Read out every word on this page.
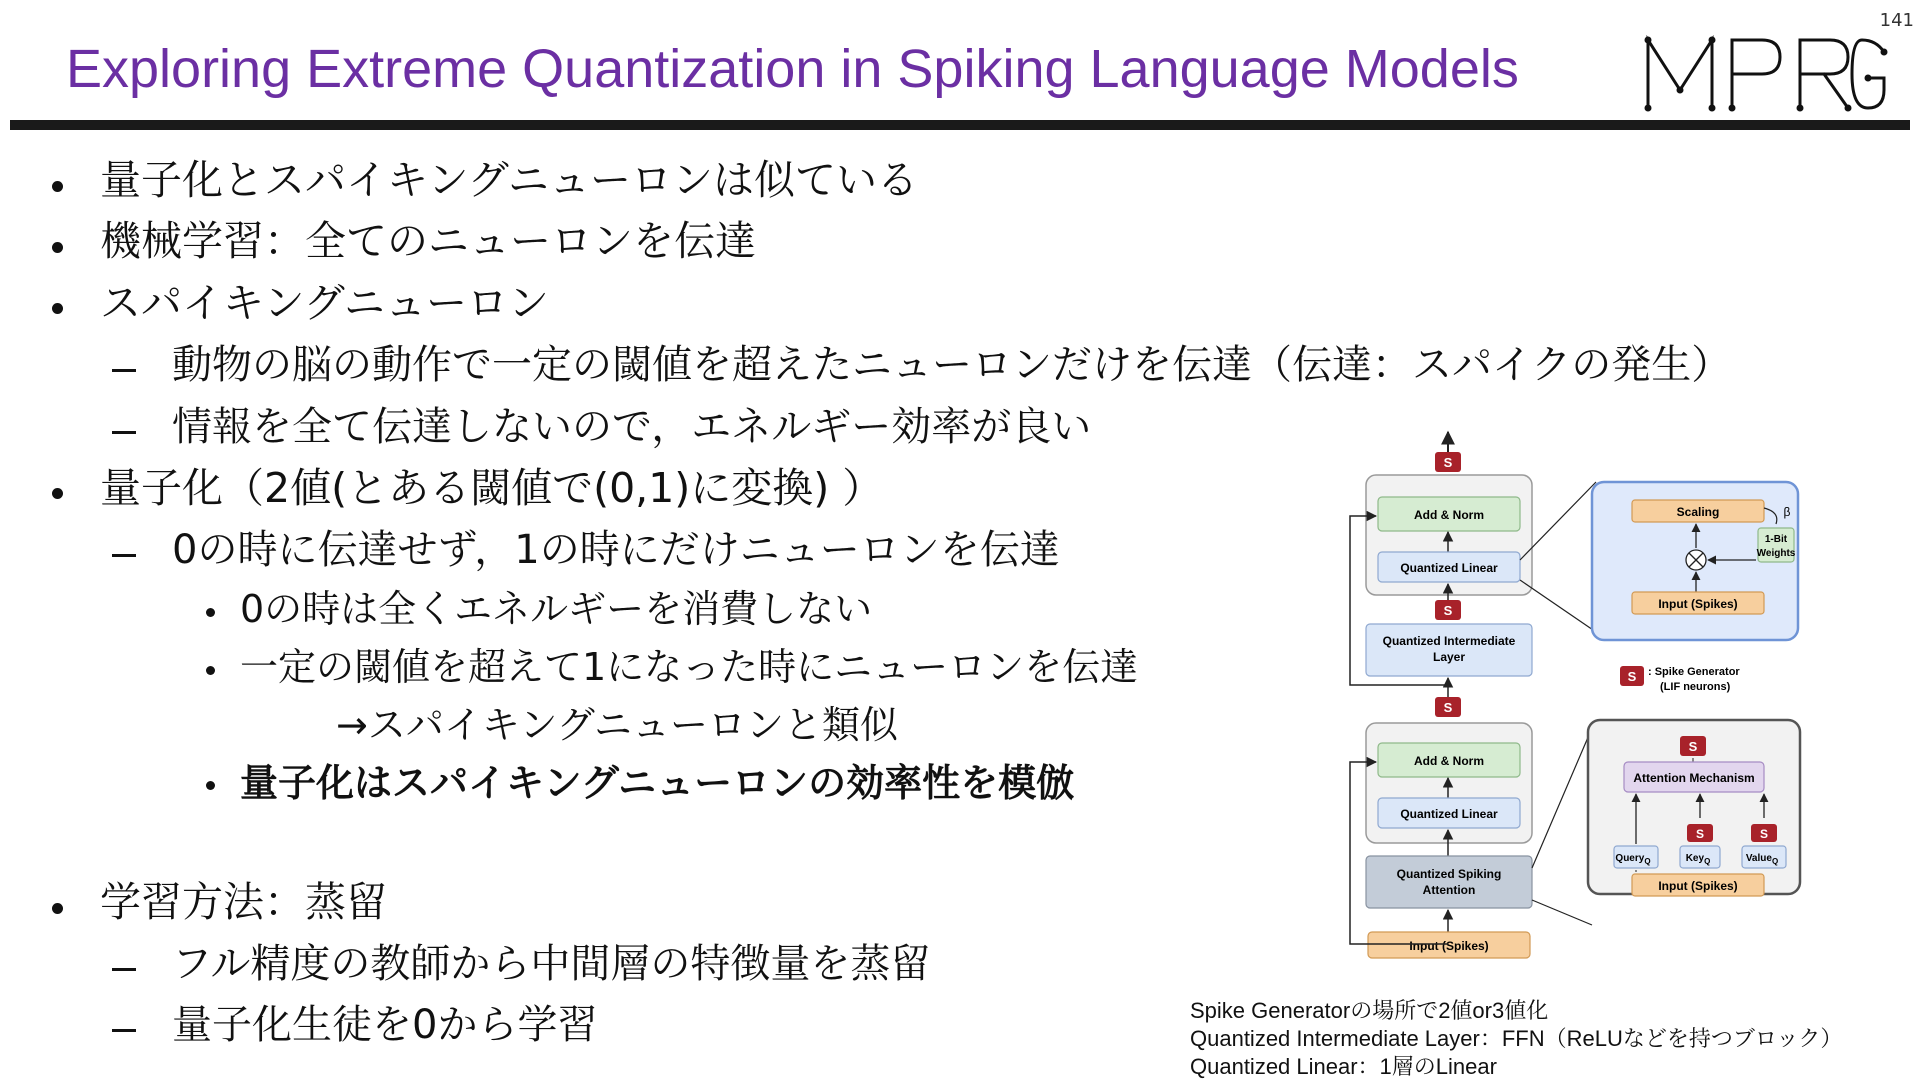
141
Exploring Extreme Quantization in Spiking Language Models
量子化とスパイキングニューロンは似ている
機械学習：全てのニューロンを伝達
スパイキングニューロン
動物の脳の動作で一定の閾値を超えたニューロンだけを伝達（伝達：スパイクの発生）
情報を全て伝達しないので，エネルギー効率が良い
量子化（2値(とある閾値で(0,1)に変換) ）
0の時に伝達せず，1の時にだけニューロンを伝達
0の時は全くエネルギーを消費しない
一定の閾値を超えて1になった時にニューロンを伝達
→スパイキングニューロンと類似
量子化はスパイキングニューロンの効率性を模倣
学習方法：蒸留
フル精度の教師から中間層の特徴量を蒸留
量子化生徒を0から学習
S
Add & Norm
Quantized Linear
S
Quantized Intermediate
Layer
S
Add & Norm
Quantized Linear
Quantized Spiking
Attention
Input (Spikes)
Scaling	β
1-Bit
Weights
Input (Spikes)
S : Spike Generator
(LIF neurons)
S
Attention Mechanism
S	S
Query$_Q$	Key$_Q$	Value$_Q$
Input (Spikes)
Spike Generatorの場所で2値or3値化
Quantized Intermediate Layer：FFN（ReLUなどを持つブロック）
Quantized Linear：1層のLinear
